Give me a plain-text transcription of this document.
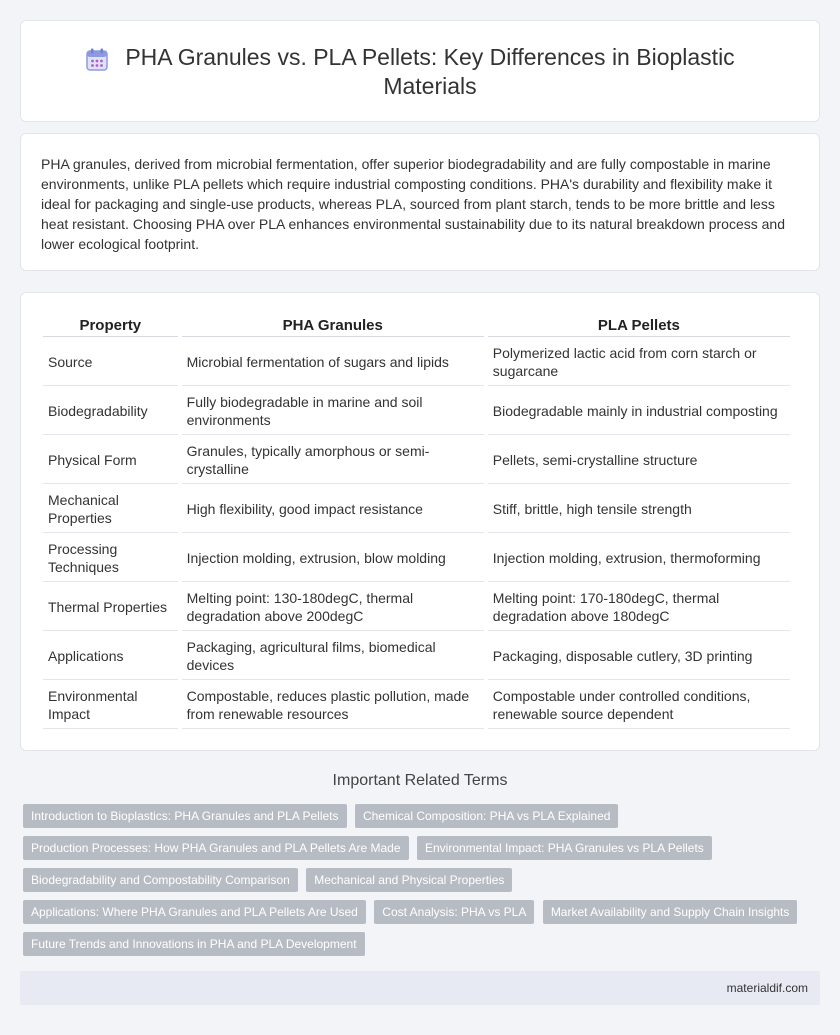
PHA Granules vs. PLA Pellets: Key Differences in Bioplastic Materials

PHA granules, derived from microbial fermentation, offer superior biodegradability and are fully compostable in marine environments, unlike PLA pellets which require industrial composting conditions. PHA's durability and flexibility make it ideal for packaging and single-use products, whereas PLA, sourced from plant starch, tends to be more brittle and less heat resistant. Choosing PHA over PLA enhances environmental sustainability due to its natural breakdown process and lower ecological footprint.

Property	PHA Granules	PLA Pellets
Source	Microbial fermentation of sugars and lipids	Polymerized lactic acid from corn starch or sugarcane
Biodegradability	Fully biodegradable in marine and soil environments	Biodegradable mainly in industrial composting
Physical Form	Granules, typically amorphous or semi-crystalline	Pellets, semi-crystalline structure
Mechanical Properties	High flexibility, good impact resistance	Stiff, brittle, high tensile strength
Processing Techniques	Injection molding, extrusion, blow molding	Injection molding, extrusion, thermoforming
Thermal Properties	Melting point: 130-180degC, thermal degradation above 200degC	Melting point: 170-180degC, thermal degradation above 180degC
Applications	Packaging, agricultural films, biomedical devices	Packaging, disposable cutlery, 3D printing
Environmental Impact	Compostable, reduces plastic pollution, made from renewable resources	Compostable under controlled conditions, renewable source dependent
Important Related Terms
Introduction to Bioplastics: PHA Granules and PLA Pellets Chemical Composition: PHA vs PLA Explained Production Processes: How PHA Granules and PLA Pellets Are Made Environmental Impact: PHA Granules vs PLA Pellets Biodegradability and Compostability Comparison Mechanical and Physical Properties Applications: Where PHA Granules and PLA Pellets Are Used Cost Analysis: PHA vs PLA Market Availability and Supply Chain Insights Future Trends and Innovations in PHA and PLA Development
materialdif.com
